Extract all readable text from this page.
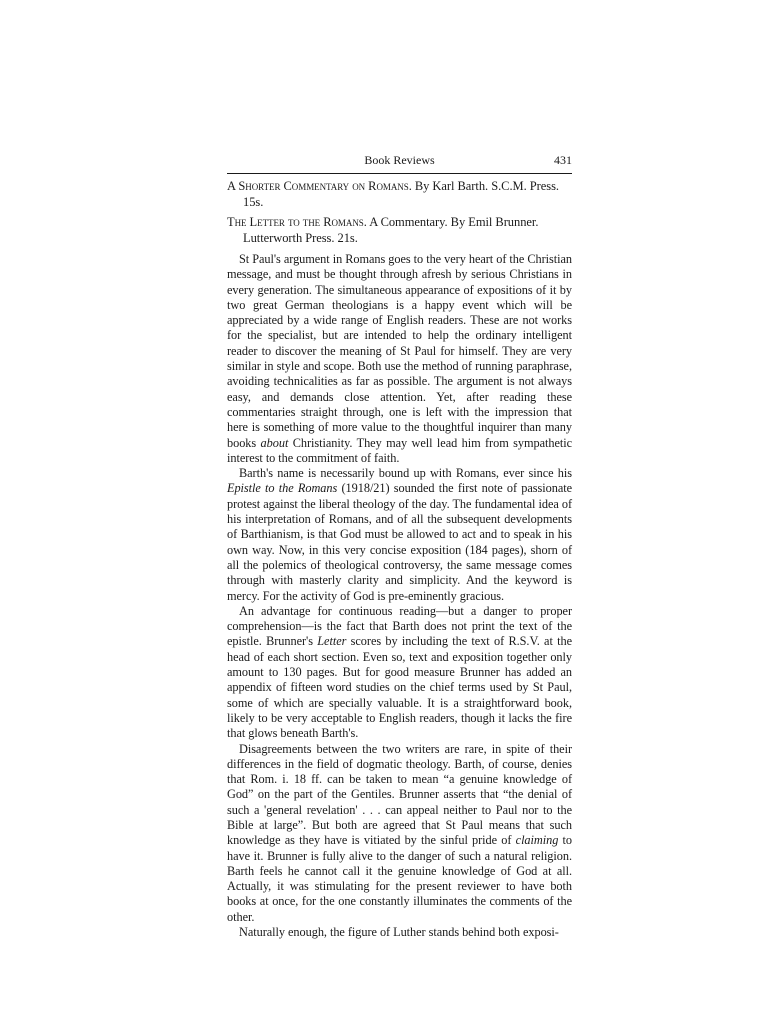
Book Reviews	431

A Shorter Commentary on Romans. By Karl Barth. S.C.M. Press. 15s.

The Letter to the Romans. A Commentary. By Emil Brunner. Lutterworth Press. 21s.

St Paul's argument in Romans goes to the very heart of the Christian message, and must be thought through afresh by serious Christians in every generation. The simultaneous appearance of expositions of it by two great German theologians is a happy event which will be appreciated by a wide range of English readers. These are not works for the specialist, but are intended to help the ordinary intelligent reader to discover the meaning of St Paul for himself. They are very similar in style and scope. Both use the method of running paraphrase, avoiding technicalities as far as possible. The argument is not always easy, and demands close attention. Yet, after reading these commentaries straight through, one is left with the impression that here is something of more value to the thoughtful inquirer than many books about Christianity. They may well lead him from sympathetic interest to the commitment of faith.

Barth's name is necessarily bound up with Romans, ever since his Epistle to the Romans (1918/21) sounded the first note of passionate protest against the liberal theology of the day. The fundamental idea of his interpretation of Romans, and of all the subsequent developments of Barthianism, is that God must be allowed to act and to speak in his own way. Now, in this very concise exposition (184 pages), shorn of all the polemics of theological controversy, the same message comes through with masterly clarity and simplicity. And the keyword is mercy. For the activity of God is pre-eminently gracious.

An advantage for continuous reading—but a danger to proper comprehension—is the fact that Barth does not print the text of the epistle. Brunner's Letter scores by including the text of R.S.V. at the head of each short section. Even so, text and exposition together only amount to 130 pages. But for good measure Brunner has added an appendix of fifteen word studies on the chief terms used by St Paul, some of which are specially valuable. It is a straightforward book, likely to be very acceptable to English readers, though it lacks the fire that glows beneath Barth's.

Disagreements between the two writers are rare, in spite of their differences in the field of dogmatic theology. Barth, of course, denies that Rom. i. 18 ff. can be taken to mean “a genuine knowledge of God” on the part of the Gentiles. Brunner asserts that “the denial of such a 'general revelation' . . . can appeal neither to Paul nor to the Bible at large”. But both are agreed that St Paul means that such knowledge as they have is vitiated by the sinful pride of claiming to have it. Brunner is fully alive to the danger of such a natural religion. Barth feels he cannot call it the genuine knowledge of God at all. Actually, it was stimulating for the present reviewer to have both books at once, for the one constantly illuminates the comments of the other.

Naturally enough, the figure of Luther stands behind both exposi-
